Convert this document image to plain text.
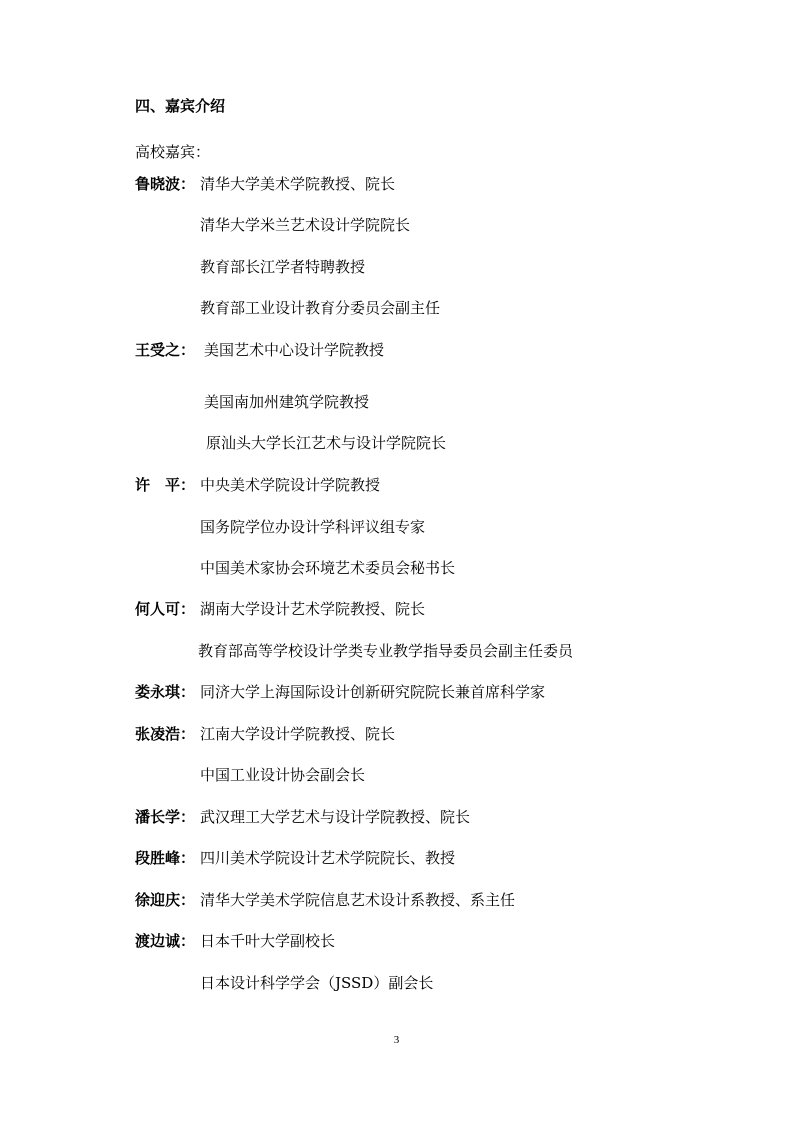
四、嘉宾介绍
高校嘉宾：
鲁晓波： 清华大学美术学院教授、院长
清华大学米兰艺术设计学院院长
教育部长江学者特聘教授
教育部工业设计教育分委员会副主任
王受之： 美国艺术中心设计学院教授
美国南加州建筑学院教授
原汕头大学长江艺术与设计学院院长
许　平： 中央美术学院设计学院教授
国务院学位办设计学科评议组专家
中国美术家协会环境艺术委员会秘书长
何人可： 湖南大学设计艺术学院教授、院长
教育部高等学校设计学类专业教学指导委员会副主任委员
娄永琪： 同济大学上海国际设计创新研究院院长兼首席科学家
张凌浩： 江南大学设计学院教授、院长
中国工业设计协会副会长
潘长学： 武汉理工大学艺术与设计学院教授、院长
段胜峰： 四川美术学院设计艺术学院院长、教授
徐迎庆： 清华大学美术学院信息艺术设计系教授、系主任
渡边诚： 日本千叶大学副校长
日本设计科学学会（JSSD）副会长
3
